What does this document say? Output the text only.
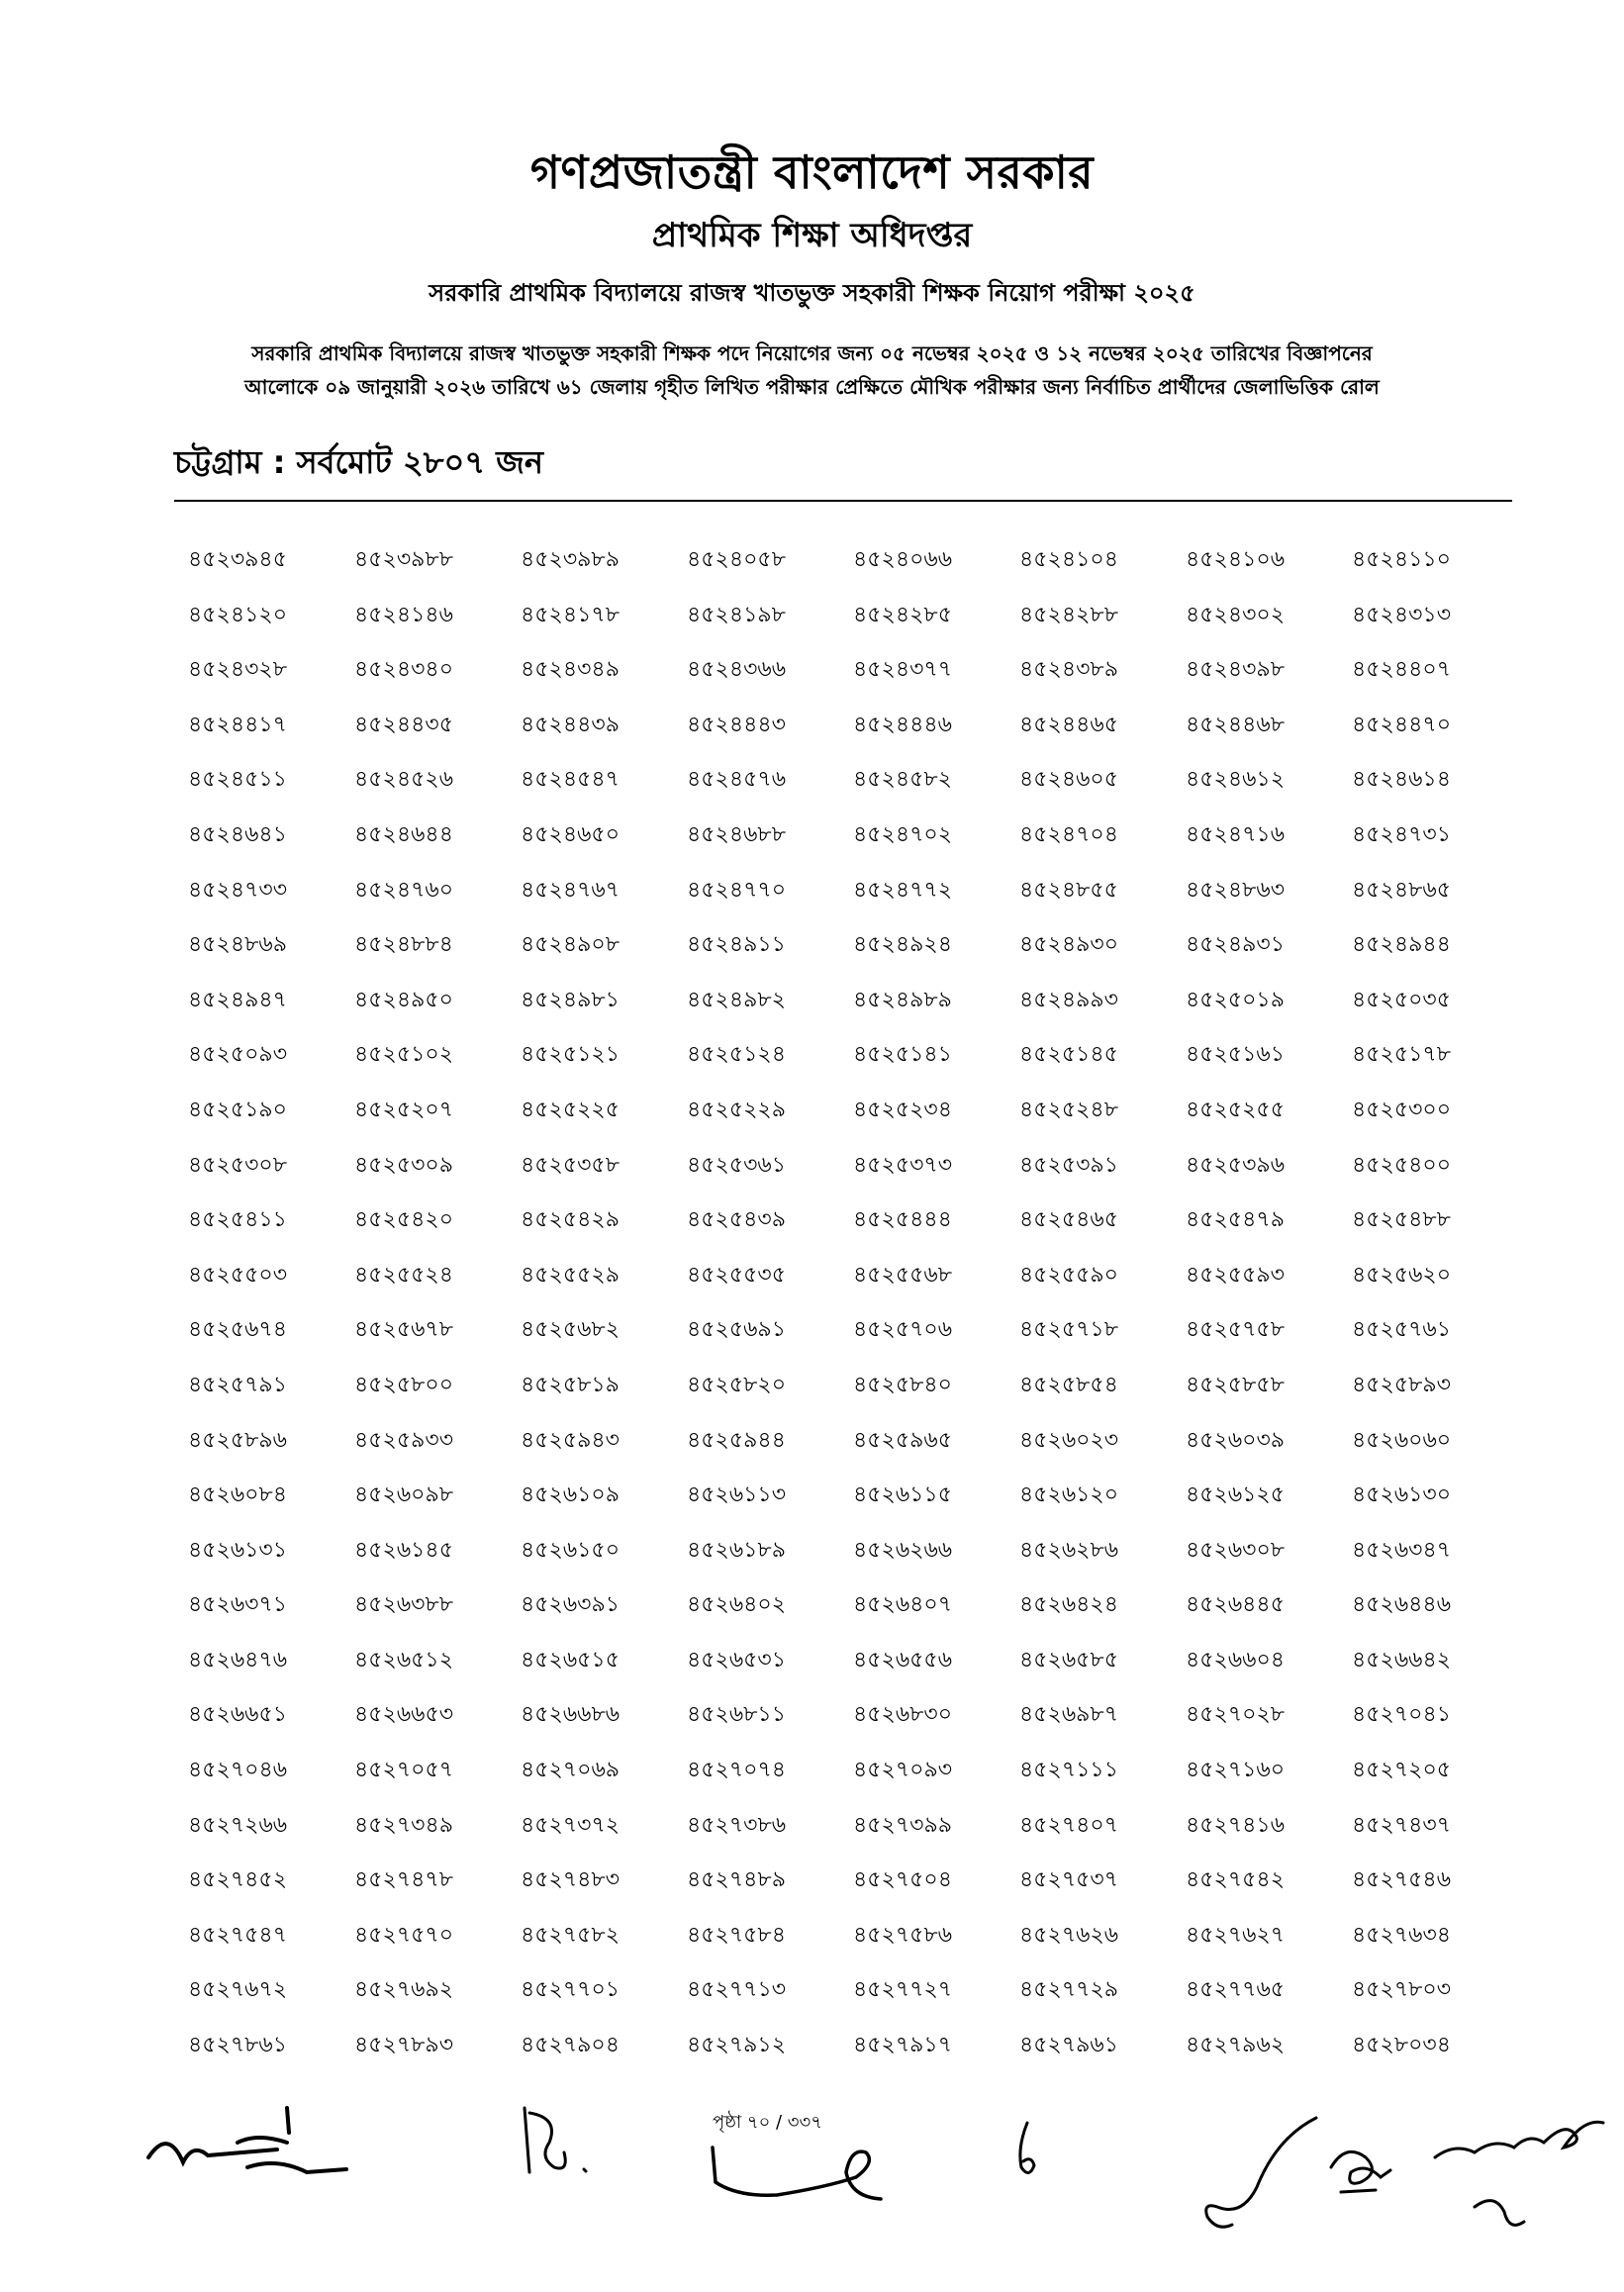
গণপ্রজাতন্ত্রী বাংলাদেশ সরকার
প্রাথমিক শিক্ষা অধিদপ্তর
সরকারি প্রাথমিক বিদ্যালয়ে রাজস্ব খাতভুক্ত সহকারী শিক্ষক নিয়োগ পরীক্ষা ২০২৫
সরকারি প্রাথমিক বিদ্যালয়ে রাজস্ব খাতভুক্ত সহকারী শিক্ষক পদে নিয়োগের জন্য ০৫ নভেম্বর ২০২৫ ও ১২ নভেম্বর ২০২৫ তারিখের বিজ্ঞাপনের
আলোকে ০৯ জানুয়ারী ২০২৬ তারিখে ৬১ জেলায় গৃহীত লিখিত পরীক্ষার প্রেক্ষিতে মৌখিক পরীক্ষার জন্য নির্বাচিত প্রার্থীদের জেলাভিত্তিক রোল
চট্টগ্রাম : সর্বমোট ২৮০৭ জন
৪৫২৩৯৪৫	৪৫২৩৯৮৮	৪৫২৩৯৮৯	৪৫২৪০৫৮	৪৫২৪০৬৬	৪৫২৪১০৪	৪৫২৪১০৬	৪৫২৪১১০
৪৫২৪১২০	৪৫২৪১৪৬	৪৫২৪১৭৮	৪৫২৪১৯৮	৪৫২৪২৮৫	৪৫২৪২৮৮	৪৫২৪৩০২	৪৫২৪৩১৩
৪৫২৪৩২৮	৪৫২৪৩৪০	৪৫২৪৩৪৯	৪৫২৪৩৬৬	৪৫২৪৩৭৭	৪৫২৪৩৮৯	৪৫২৪৩৯৮	৪৫২৪৪০৭
৪৫২৪৪১৭	৪৫২৪৪৩৫	৪৫২৪৪৩৯	৪৫২৪৪৪৩	৪৫২৪৪৪৬	৪৫২৪৪৬৫	৪৫২৪৪৬৮	৪৫২৪৪৭০
৪৫২৪৫১১	৪৫২৪৫২৬	৪৫২৪৫৪৭	৪৫২৪৫৭৬	৪৫২৪৫৮২	৪৫২৪৬০৫	৪৫২৪৬১২	৪৫২৪৬১৪
৪৫২৪৬৪১	৪৫২৪৬৪৪	৪৫২৪৬৫০	৪৫২৪৬৮৮	৪৫২৪৭০২	৪৫২৪৭০৪	৪৫২৪৭১৬	৪৫২৪৭৩১
৪৫২৪৭৩৩	৪৫২৪৭৬০	৪৫২৪৭৬৭	৪৫২৪৭৭০	৪৫২৪৭৭২	৪৫২৪৮৫৫	৪৫২৪৮৬৩	৪৫২৪৮৬৫
৪৫২৪৮৬৯	৪৫২৪৮৮৪	৪৫২৪৯০৮	৪৫২৪৯১১	৪৫২৪৯২৪	৪৫২৪৯৩০	৪৫২৪৯৩১	৪৫২৪৯৪৪
৪৫২৪৯৪৭	৪৫২৪৯৫০	৪৫২৪৯৮১	৪৫২৪৯৮২	৪৫২৪৯৮৯	৪৫২৪৯৯৩	৪৫২৫০১৯	৪৫২৫০৩৫
৪৫২৫০৯৩	৪৫২৫১০২	৪৫২৫১২১	৪৫২৫১২৪	৪৫২৫১৪১	৪৫২৫১৪৫	৪৫২৫১৬১	৪৫২৫১৭৮
৪৫২৫১৯০	৪৫২৫২০৭	৪৫২৫২২৫	৪৫২৫২২৯	৪৫২৫২৩৪	৪৫২৫২৪৮	৪৫২৫২৫৫	৪৫২৫৩০০
৪৫২৫৩০৮	৪৫২৫৩০৯	৪৫২৫৩৫৮	৪৫২৫৩৬১	৪৫২৫৩৭৩	৪৫২৫৩৯১	৪৫২৫৩৯৬	৪৫২৫৪০০
৪৫২৫৪১১	৪৫২৫৪২০	৪৫২৫৪২৯	৪৫২৫৪৩৯	৪৫২৫৪৪৪	৪৫২৫৪৬৫	৪৫২৫৪৭৯	৪৫২৫৪৮৮
৪৫২৫৫০৩	৪৫২৫৫২৪	৪৫২৫৫২৯	৪৫২৫৫৩৫	৪৫২৫৫৬৮	৪৫২৫৫৯০	৪৫২৫৫৯৩	৪৫২৫৬২০
৪৫২৫৬৭৪	৪৫২৫৬৭৮	৪৫২৫৬৮২	৪৫২৫৬৯১	৪৫২৫৭০৬	৪৫২৫৭১৮	৪৫২৫৭৫৮	৪৫২৫৭৬১
৪৫২৫৭৯১	৪৫২৫৮০০	৪৫২৫৮১৯	৪৫২৫৮২০	৪৫২৫৮৪০	৪৫২৫৮৫৪	৪৫২৫৮৫৮	৪৫২৫৮৯৩
৪৫২৫৮৯৬	৪৫২৫৯৩৩	৪৫২৫৯৪৩	৪৫২৫৯৪৪	৪৫২৫৯৬৫	৪৫২৬০২৩	৪৫২৬০৩৯	৪৫২৬০৬০
৪৫২৬০৮৪	৪৫২৬০৯৮	৪৫২৬১০৯	৪৫২৬১১৩	৪৫২৬১১৫	৪৫২৬১২০	৪৫২৬১২৫	৪৫২৬১৩০
৪৫২৬১৩১	৪৫২৬১৪৫	৪৫২৬১৫০	৪৫২৬১৮৯	৪৫২৬২৬৬	৪৫২৬২৮৬	৪৫২৬৩০৮	৪৫২৬৩৪৭
৪৫২৬৩৭১	৪৫২৬৩৮৮	৪৫২৬৩৯১	৪৫২৬৪০২	৪৫২৬৪০৭	৪৫২৬৪২৪	৪৫২৬৪৪৫	৪৫২৬৪৪৬
৪৫২৬৪৭৬	৪৫২৬৫১২	৪৫২৬৫১৫	৪৫২৬৫৩১	৪৫২৬৫৫৬	৪৫২৬৫৮৫	৪৫২৬৬০৪	৪৫২৬৬৪২
৪৫২৬৬৫১	৪৫২৬৬৫৩	৪৫২৬৬৮৬	৪৫২৬৮১১	৪৫২৬৮৩০	৪৫২৬৯৮৭	৪৫২৭০২৮	৪৫২৭০৪১
৪৫২৭০৪৬	৪৫২৭০৫৭	৪৫২৭০৬৯	৪৫২৭০৭৪	৪৫২৭০৯৩	৪৫২৭১১১	৪৫২৭১৬০	৪৫২৭২০৫
৪৫২৭২৬৬	৪৫২৭৩৪৯	৪৫২৭৩৭২	৪৫২৭৩৮৬	৪৫২৭৩৯৯	৪৫২৭৪০৭	৪৫২৭৪১৬	৪৫২৭৪৩৭
৪৫২৭৪৫২	৪৫২৭৪৭৮	৪৫২৭৪৮৩	৪৫২৭৪৮৯	৪৫২৭৫০৪	৪৫২৭৫৩৭	৪৫২৭৫৪২	৪৫২৭৫৪৬
৪৫২৭৫৪৭	৪৫২৭৫৭০	৪৫২৭৫৮২	৪৫২৭৫৮৪	৪৫২৭৫৮৬	৪৫২৭৬২৬	৪৫২৭৬২৭	৪৫২৭৬৩৪
৪৫২৭৬৭২	৪৫২৭৬৯২	৪৫২৭৭০১	৪৫২৭৭১৩	৪৫২৭৭২৭	৪৫২৭৭২৯	৪৫২৭৭৬৫	৪৫২৭৮০৩
৪৫২৭৮৬১	৪৫২৭৮৯৩	৪৫২৭৯০৪	৪৫২৭৯১২	৪৫২৭৯১৭	৪৫২৭৯৬১	৪৫২৭৯৬২	৪৫২৮০৩৪
পৃষ্ঠা ৭০ / ৩৩৭
